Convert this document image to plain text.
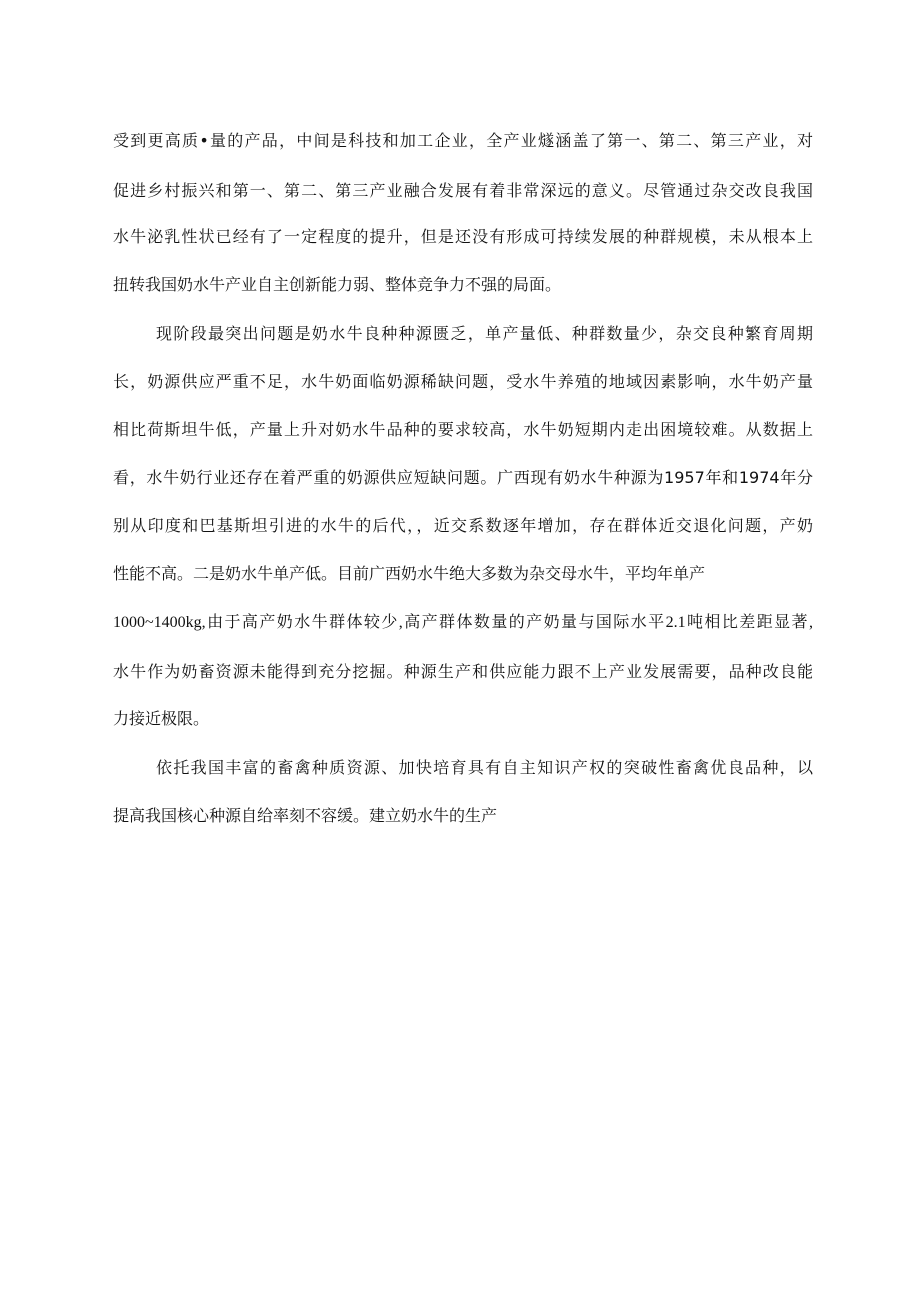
受到更高质•量的产品，中间是科技和加工企业，全产业燧涵盖了第一、第二、第三产业，对
促进乡村振兴和第一、第二、第三产业融合发展有着非常深远的意义。尽管通过杂交改良我国
水牛泌乳性状已经有了一定程度的提升，但是还没有形成可持续发展的种群规模，未从根本上
扭转我国奶水牛产业自主创新能力弱、整体竞争力不强的局面。
现阶段最突出问题是奶水牛良种种源匮乏，单产量低、种群数量少，杂交良种繁育周期
长，奶源供应严重不足，水牛奶面临奶源稀缺问题，受水牛养殖的地域因素影响，水牛奶产量
相比荷斯坦牛低，产量上升对奶水牛品种的要求较高，水牛奶短期内走出困境较难。从数据上
看，水牛奶行业还存在着严重的奶源供应短缺问题。广西现有奶水牛种源为1957年和1974年分
别从印度和巴基斯坦引进的水牛的后代，，近交系数逐年增加，存在群体近交退化问题，产奶
性能不高。二是奶水牛单产低。目前广西奶水牛绝大多数为杂交母水牛，平均年单产
1000~1400kg,由于高产奶水牛群体较少,高产群体数量的产奶量与国际水平2.1吨相比差距显著,
水牛作为奶畜资源未能得到充分挖掘。种源生产和供应能力跟不上产业发展需要，品种改良能
力接近极限。
依托我国丰富的畜禽种质资源、加快培育具有自主知识产权的突破性畜禽优良品种，以
提高我国核心种源自给率刻不容缓。建立奶水牛的生产
